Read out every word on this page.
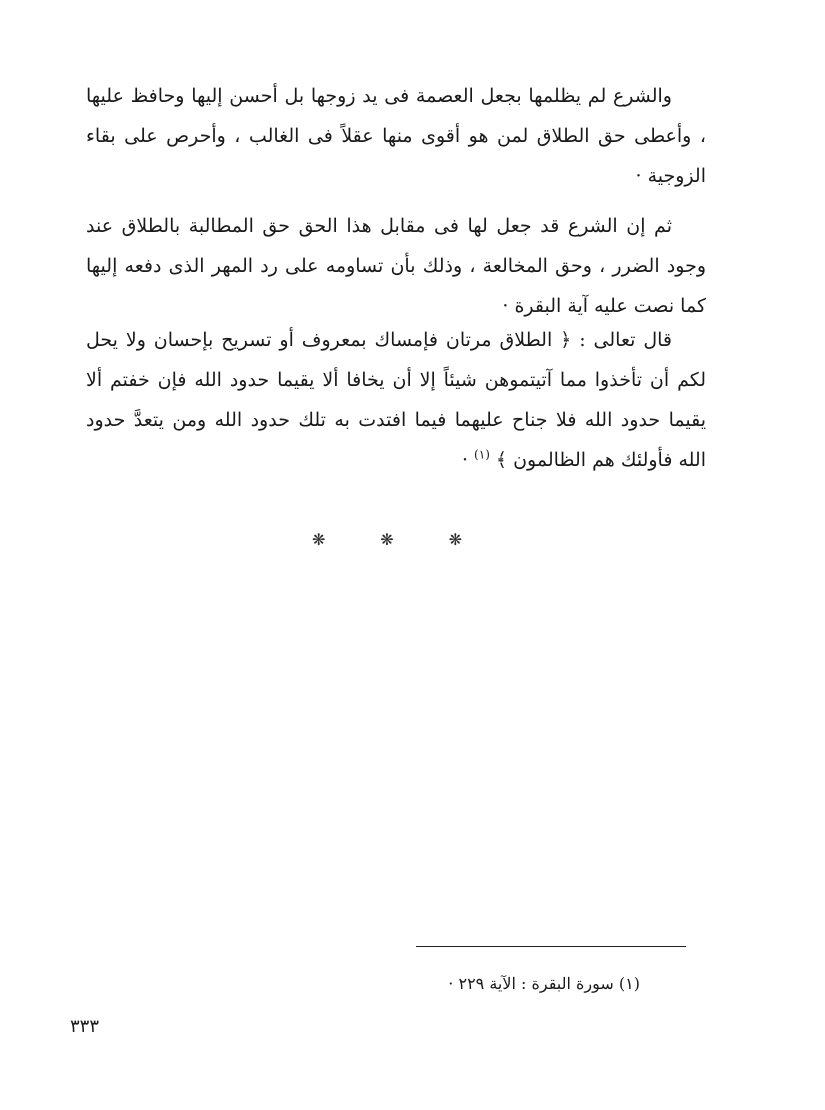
والشرع لم يظلمها بجعل العصمة فى يد زوجها بل أحسن إليها وحافظ عليها ، وأعطى حق الطلاق لمن هو أقوى منها عقلاً فى الغالب ، وأحرص على بقاء الزوجية ·

ثم إن الشرع قد جعل لها فى مقابل هذا الحق حق المطالبة بالطلاق عند وجود الضرر ، وحق المخالعة ، وذلك بأن تساومه على رد المهر الذى دفعه إليها كما نصت عليه آية البقرة ·

قال تعالى : ﴿ الطلاق مرتان فإمساك بمعروف أو تسريح بإحسان ولا يحل لكم أن تأخذوا مما آتيتموهن شيئاً إلا أن يخافا ألا يقيما حدود الله فإن خفتم ألا يقيما حدود الله فلا جناح عليهما فيما افتدت به تلك حدود الله ومن يتعدَّ حدود الله فأولئك هم الظالمون ﴾ $^{(١)}$ ·

❋	❋	❋
(١) سورة البقرة : الآية ٢٢٩ ·
٣٣٣
